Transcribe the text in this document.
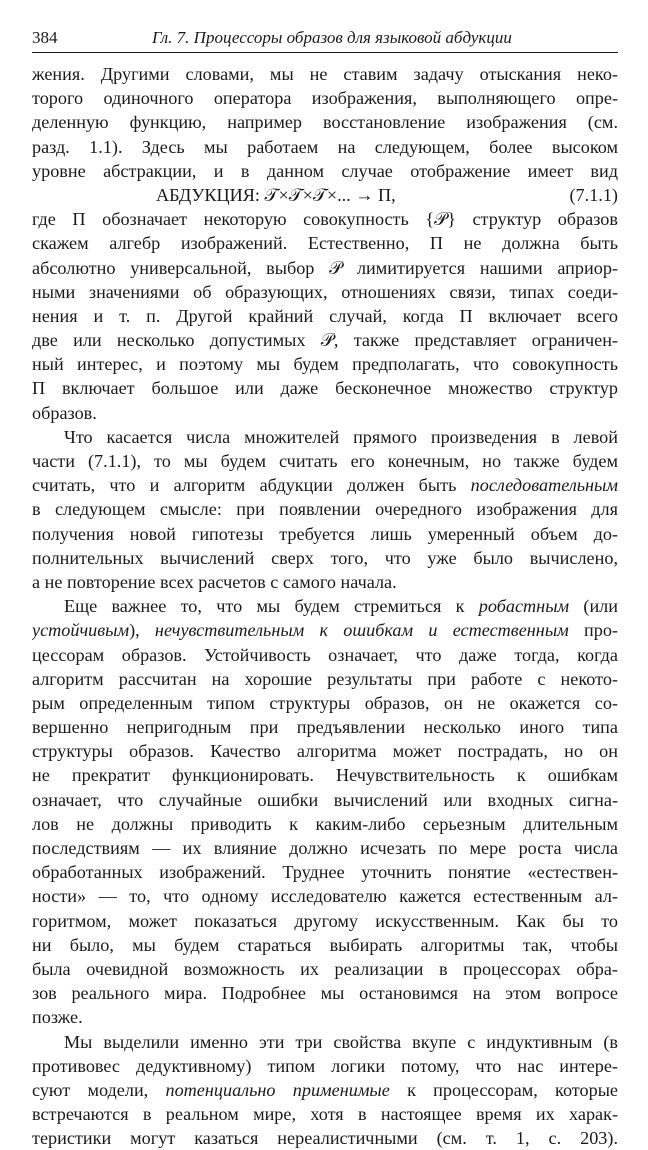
384	Гл. 7. Процессоры образов для языковой абдукции
жения. Другими словами, мы не ставим задачу отыскания неко-
торого одиночного оператора изображения, выполняющего опре-
деленную функцию, например восстановление изображения (см.
разд. 1.1). Здесь мы работаем на следующем, более высоком
уровне абстракции, и в данном случае отображение имеет вид
АБДУКЦИЯ: 𝒯×𝒯×𝒯×... → П,	(7.1.1)
где П обозначает некоторую совокупность {𝒫} структур образов
скажем алгебр изображений. Естественно, П не должна быть
абсолютно универсальной, выбор 𝒫 лимитируется нашими априор-
ными значениями об образующих, отношениях связи, типах соеди-
нения и т. п. Другой крайний случай, когда П включает всего
две или несколько допустимых 𝒫, также представляет ограничен-
ный интерес, и поэтому мы будем предполагать, что совокупность
П включает большое или даже бесконечное множество структур
образов.
Что касается числа множителей прямого произведения в левой
части (7.1.1), то мы будем считать его конечным, но также будем
считать, что и алгоритм абдукции должен быть последовательным
в следующем смысле: при появлении очередного изображения для
получения новой гипотезы требуется лишь умеренный объем до-
полнительных вычислений сверх того, что уже было вычислено,
а не повторение всех расчетов с самого начала.
Еще важнее то, что мы будем стремиться к робастным (или
устойчивым), нечувствительным к ошибкам и естественным про-
цессорам образов. Устойчивость означает, что даже тогда, когда
алгоритм рассчитан на хорошие результаты при работе с некото-
рым определенным типом структуры образов, он не окажется со-
вершенно непригодным при предъявлении несколько иного типа
структуры образов. Качество алгоритма может пострадать, но он
не прекратит функционировать. Нечувствительность к ошибкам
означает, что случайные ошибки вычислений или входных сигна-
лов не должны приводить к каким-либо серьезным длительным
последствиям — их влияние должно исчезать по мере роста числа
обработанных изображений. Труднее уточнить понятие «естествен-
ности» — то, что одному исследователю кажется естественным ал-
горитмом, может показаться другому искусственным. Как бы то
ни было, мы будем стараться выбирать алгоритмы так, чтобы
была очевидной возможность их реализации в процессорах обра-
зов реального мира. Подробнее мы остановимся на этом вопросе
позже.
Мы выделили именно эти три свойства вкупе с индуктивным (в
противовес дедуктивному) типом логики потому, что нас интере-
суют модели, потенциально применимые к процессорам, которые
встречаются в реальном мире, хотя в настоящее время их харак-
теристики могут казаться нереалистичными (см. т. 1, с. 203).
